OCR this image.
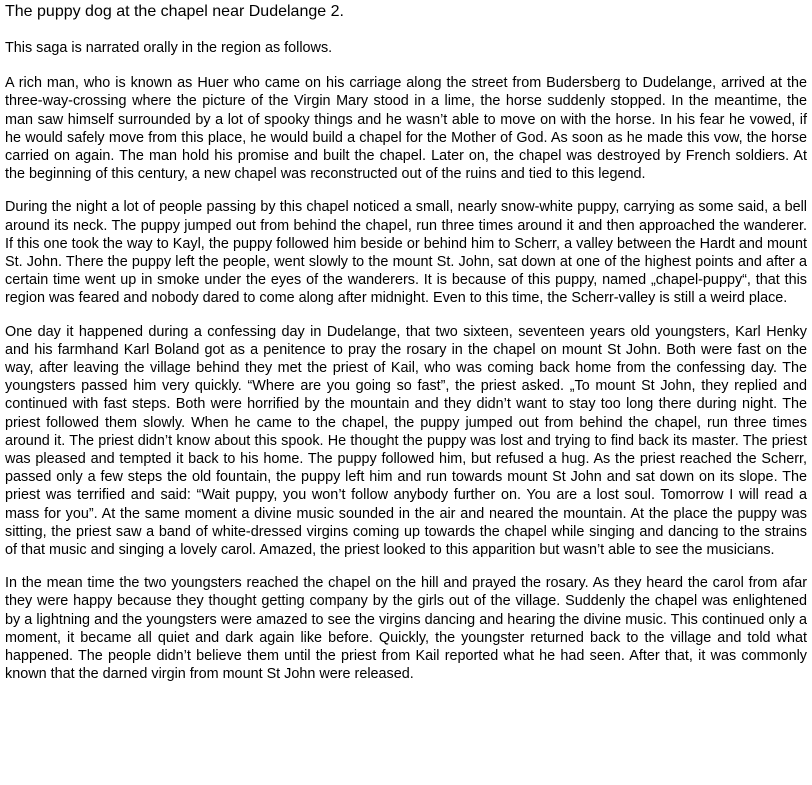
The puppy dog at the chapel near Dudelange 2.

This saga is narrated orally in the region as follows.

A rich man, who is known as Huer who came on his carriage along the street from Budersberg to Dudelange, arrived at the three-way-crossing where the picture of the Virgin Mary stood in a lime, the horse suddenly stopped. In the meantime, the man saw himself surrounded by a lot of spooky things and he wasn’t able to move on with the horse. In his fear he vowed, if he would safely move from this place, he would build a chapel for the Mother of God. As soon as he made this vow, the horse carried on again. The man hold his promise and built the chapel. Later on, the chapel was destroyed by French soldiers. At the beginning of this century, a new chapel was reconstructed out of the ruins and tied to this legend.

During the night a lot of people passing by this chapel noticed a small, nearly snow-white puppy, carrying as some said, a bell around its neck. The puppy jumped out from behind the chapel, run three times around it and then approached the wanderer. If this one took the way to Kayl, the puppy followed him beside or behind him to Scherr, a valley between the Hardt and mount St. John. There the puppy left the people, went slowly to the mount St. John, sat down at one of the highest points and after a certain time went up in smoke under the eyes of the wanderers. It is because of this puppy, named „chapel-puppy“, that this region was feared and nobody dared to come along after midnight. Even to this time, the Scherr-valley is still a weird place.

One day it happened during a confessing day in Dudelange, that two sixteen, seventeen years old youngsters, Karl Henky and his farmhand Karl Boland got as a penitence to pray the rosary in the chapel on mount St John. Both were fast on the way, after leaving the village behind they met the priest of Kail, who was coming back home from the confessing day. The youngsters passed him very quickly. “Where are you going so fast”, the priest asked. „To mount St John, they replied and continued with fast steps. Both were horrified by the mountain and they didn’t want to stay too long there during night. The priest followed them slowly. When he came to the chapel, the puppy jumped out from behind the chapel, run three times around it. The priest didn’t know about this spook. He thought the puppy was lost and trying to find back its master. The priest was pleased and tempted it back to his home. The puppy followed him, but refused a hug. As the priest reached the Scherr, passed only a few steps the old fountain, the puppy left him and run towards mount St John and sat down on its slope. The priest was terrified and said: “Wait puppy, you won’t follow anybody further on. You are a lost soul. Tomorrow I will read a mass for you”. At the same moment a divine music sounded in the air and neared the mountain. At the place the puppy was sitting, the priest saw a band of white-dressed virgins coming up towards the chapel while singing and dancing to the strains of that music and singing a lovely carol. Amazed, the priest looked to this apparition but wasn’t able to see the musicians.

In the mean time the two youngsters reached the chapel on the hill and prayed the rosary. As they heard the carol from afar they were happy because they thought getting company by the girls out of the village. Suddenly the chapel was enlightened by a lightning and the youngsters were amazed to see the virgins dancing and hearing the divine music. This continued only a moment, it became all quiet and dark again like before. Quickly, the youngster returned back to the village and told what happened. The people didn’t believe them until the priest from Kail reported what he had seen. After that, it was commonly known that the darned virgin from mount St John were released.
